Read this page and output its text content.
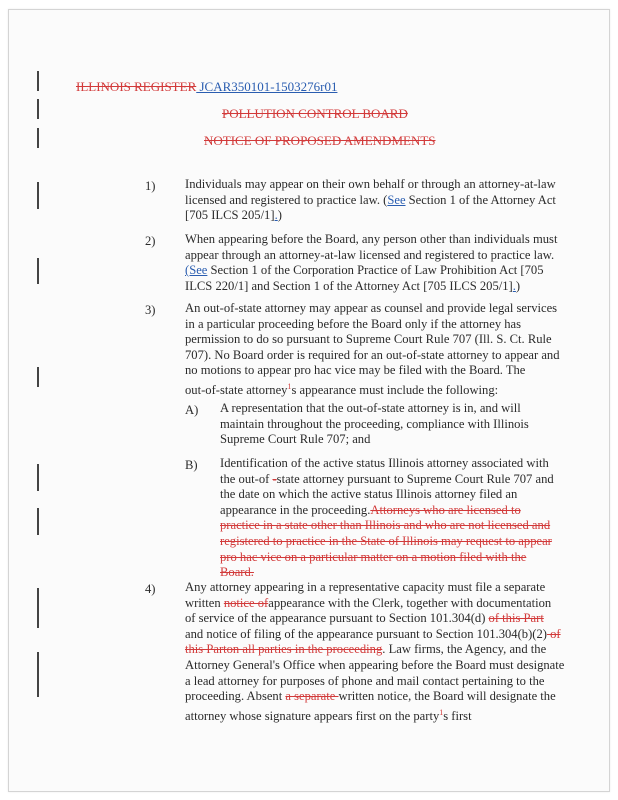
ILLINOIS REGISTER JCAR350101-1503276r01
POLLUTION CONTROL BOARD
NOTICE OF PROPOSED AMENDMENTS
1) Individuals may appear on their own behalf or through an attorney-at-law
licensed and registered to practice law. (See Section 1 of the Attorney Act
[705 ILCS 205/1].)
2) When appearing before the Board, any person other than individuals must
appear through an attorney-at-law licensed and registered to practice law.
(See Section 1 of the Corporation Practice of Law Prohibition Act [705
ILCS 220/1] and Section 1 of the Attorney Act [705 ILCS 205/1].)
3) An out-of-state attorney may appear as counsel and provide legal services
in a particular proceeding before the Board only if the attorney has
permission to do so pursuant to Supreme Court Rule 707 (Ill. S. Ct. Rule
707). No Board order is required for an out-of-state attorney to appear and
no motions to appear pro hac vice may be filed with the Board. The
out-of-state attorney$^1$s appearance must include the following:
A) A representation that the out-of-state attorney is in, and will
maintain throughout the proceeding, compliance with Illinois
Supreme Court Rule 707; and
B) Identification of the active status Illinois attorney associated with
the out-of -state attorney pursuant to Supreme Court Rule 707 and
the date on which the active status Illinois attorney filed an
appearance in the proceeding.Attorneys who are licensed to
practice in a state other than Illinois and who are not licensed and
registered to practice in the State of Illinois may request to appear
pro hac vice on a particular matter on a motion filed with the
Board.
4) Any attorney appearing in a representative capacity must file a separate
written notice ofappearance with the Clerk, together with documentation
of service of the appearance pursuant to Section 101.304(d) of this Part
and notice of filing of the appearance pursuant to Section 101.304(b)(2) of
this Parton all parties in the proceeding. Law firms, the Agency, and the
Attorney General's Office when appearing before the Board must designate
a lead attorney for purposes of phone and mail contact pertaining to the
proceeding. Absent a separate written notice, the Board will designate the
attorney whose signature appears first on the party$^1$s first
